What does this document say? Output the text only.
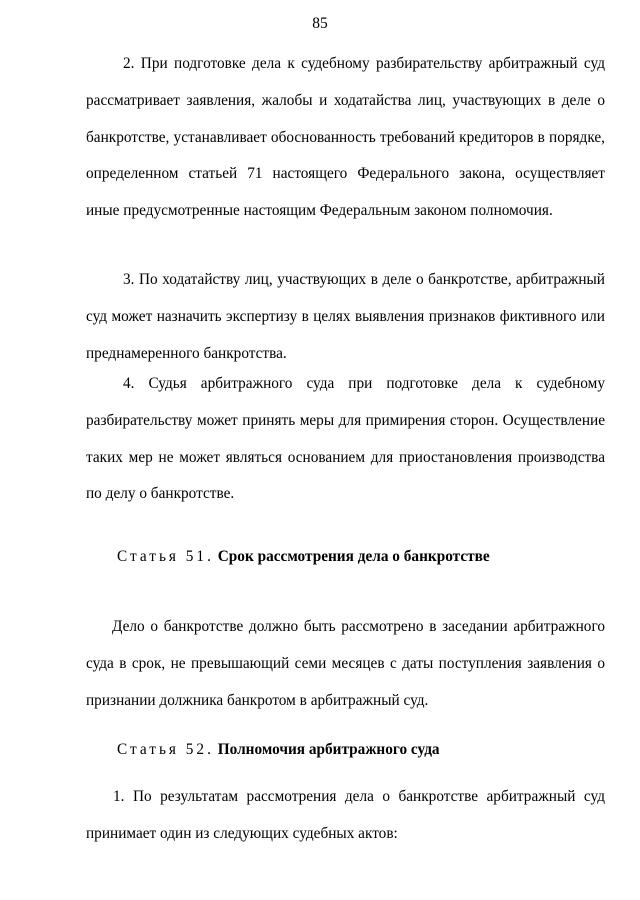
85

2. При подготовке дела к судебному разбирательству арбитражный суд рассматривает заявления, жалобы и ходатайства лиц, участвующих в деле о банкротстве, устанавливает обоснованность требований кредиторов в порядке, определенном статьей 71 настоящего Федерального закона, осуществляет иные предусмотренные настоящим Федеральным законом полномочия.

3. По ходатайству лиц, участвующих в деле о банкротстве, арбитражный суд может назначить экспертизу в целях выявления признаков фиктивного или преднамеренного банкротства.

4. Судья арбитражного суда при подготовке дела к судебному разбирательству может принять меры для примирения сторон. Осуществление таких мер не может являться основанием для приостановления производства по делу о банкротстве.

Статья 51. Срок рассмотрения дела о банкротстве

Дело о банкротстве должно быть рассмотрено в заседании арбитражного суда в срок, не превышающий семи месяцев с даты поступления заявления о признании должника банкротом в арбитражный суд.

Статья 52. Полномочия арбитражного суда

1. По результатам рассмотрения дела о банкротстве арбитражный суд принимает один из следующих судебных актов:
